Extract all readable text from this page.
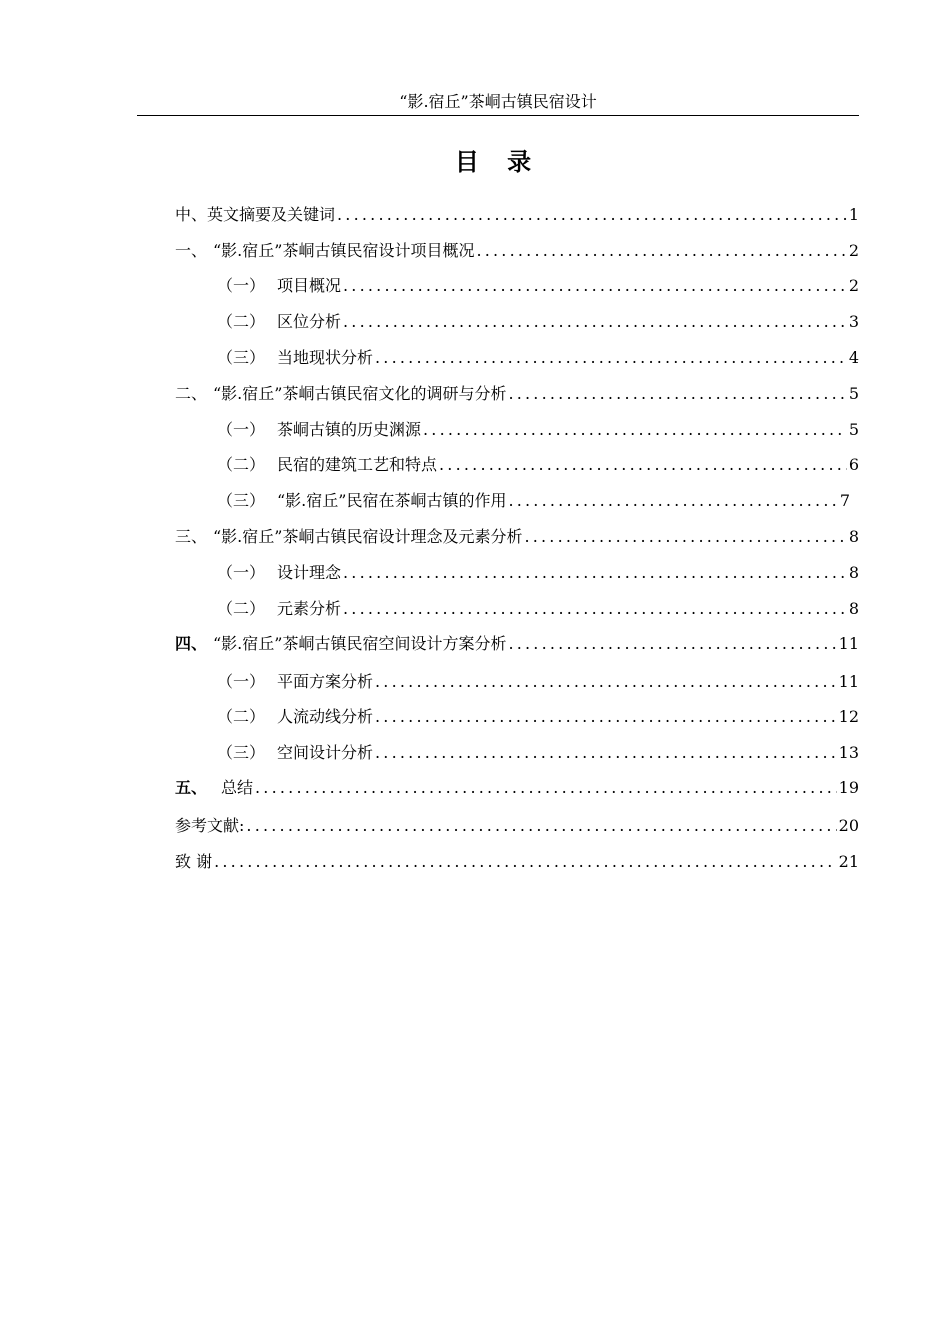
“影.宿丘”茶峒古镇民宿设计
目 录
中、英文摘要及关键词 .....	1
一、 “影.宿丘”茶峒古镇民宿设计项目概况 .....	2
（一） 项目概况 .....	2
（二） 区位分析 .....	3
（三） 当地现状分析 .....	4
二、 “影.宿丘”茶峒古镇民宿文化的调研与分析 .....	5
（一） 茶峒古镇的历史渊源 .....	5
（二） 民宿的建筑工艺和特点 .....	6
（三） “影.宿丘”民宿在茶峒古镇的作用 .....	7
三、 “影.宿丘”茶峒古镇民宿设计理念及元素分析 .....	8
（一） 设计理念 .....	8
（二） 元素分析 .....	8
四、 “影.宿丘”茶峒古镇民宿空间设计方案分析 .....	11
（一） 平面方案分析 .....	11
（二） 人流动线分析 .....	12
（三） 空间设计分析 .....	13
五、 总结 .....	19
参考文献: .....	20
致 谢 .....	21
